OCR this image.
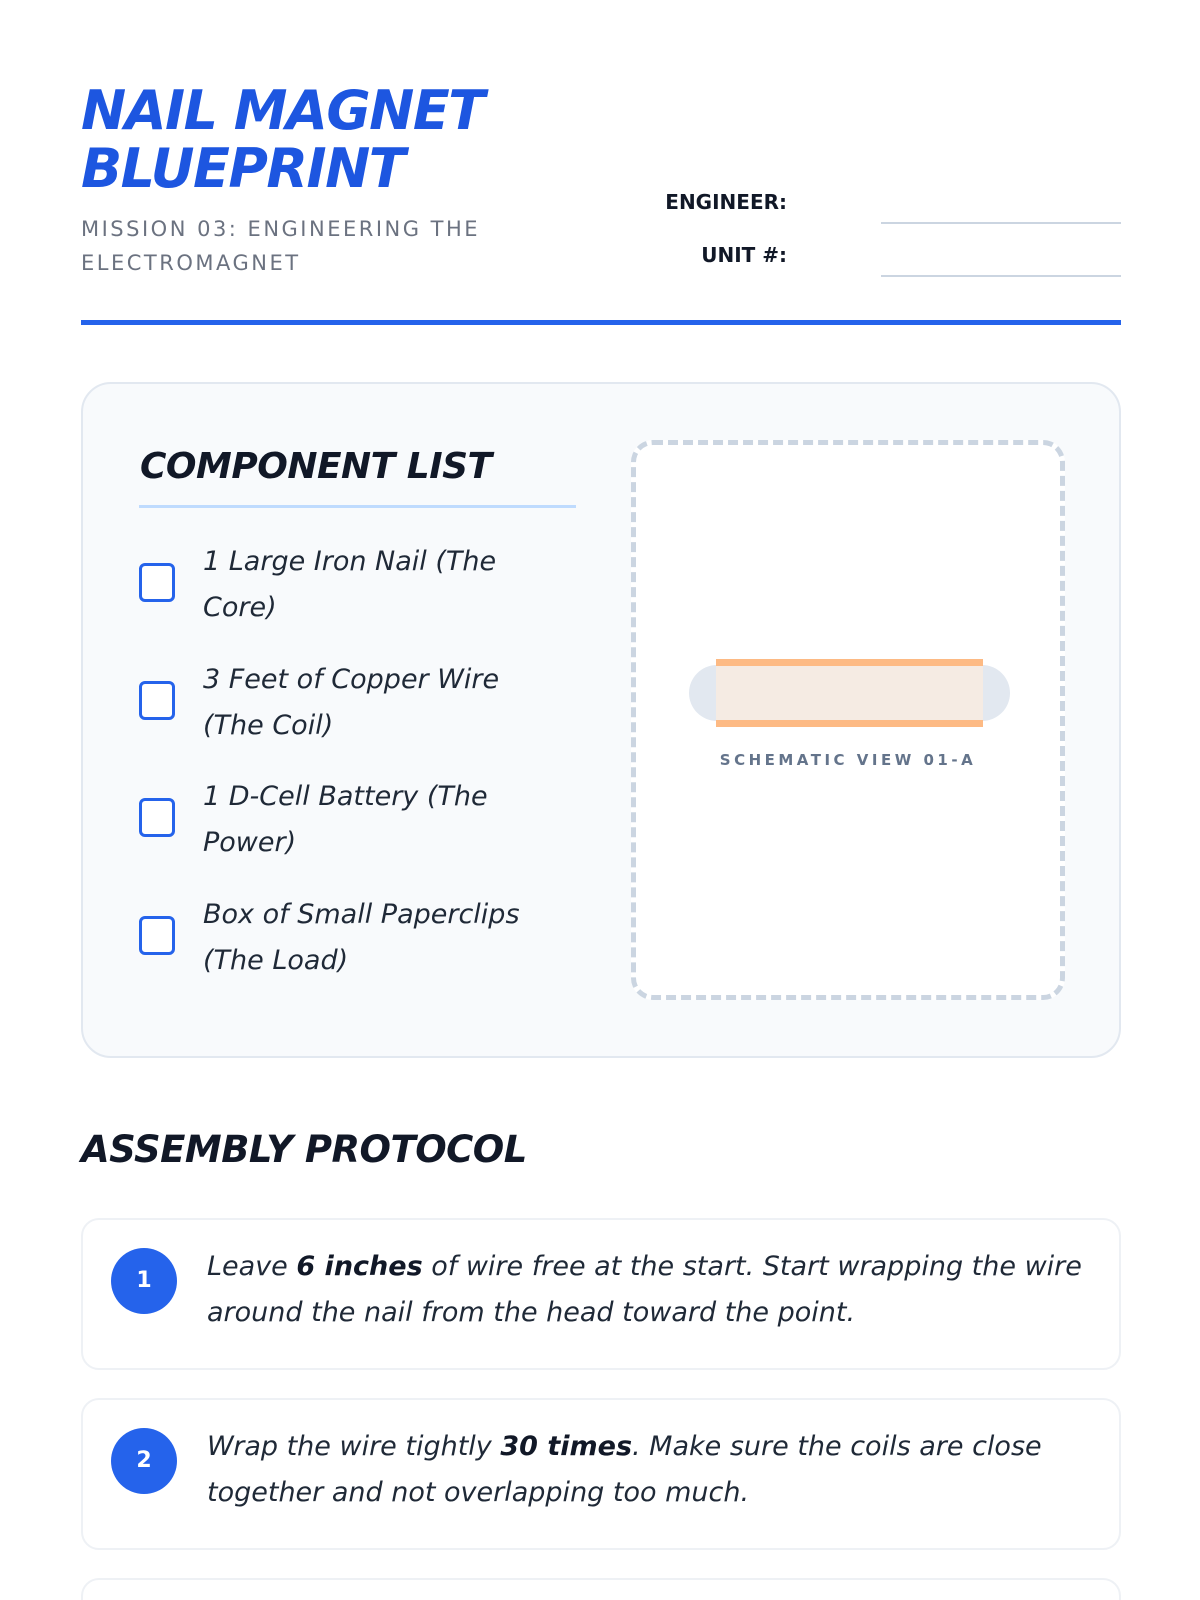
NAIL MAGNET
BLUEPRINT
MISSION 03: ENGINEERING THE ELECTROMAGNET
ENGINEER:
UNIT #:
COMPONENT LIST
1 Large Iron Nail (The Core)
3 Feet of Copper Wire (The Coil)
1 D-Cell Battery (The Power)
Box of Small Paperclips (The Load)
SCHEMATIC VIEW 01-A
ASSEMBLY PROTOCOL
1	Leave 6 inches of wire free at the start. Start wrapping the wire around the nail from the head toward the point.
2	Wrap the wire tightly 30 times. Make sure the coils are close together and not overlapping too much.
